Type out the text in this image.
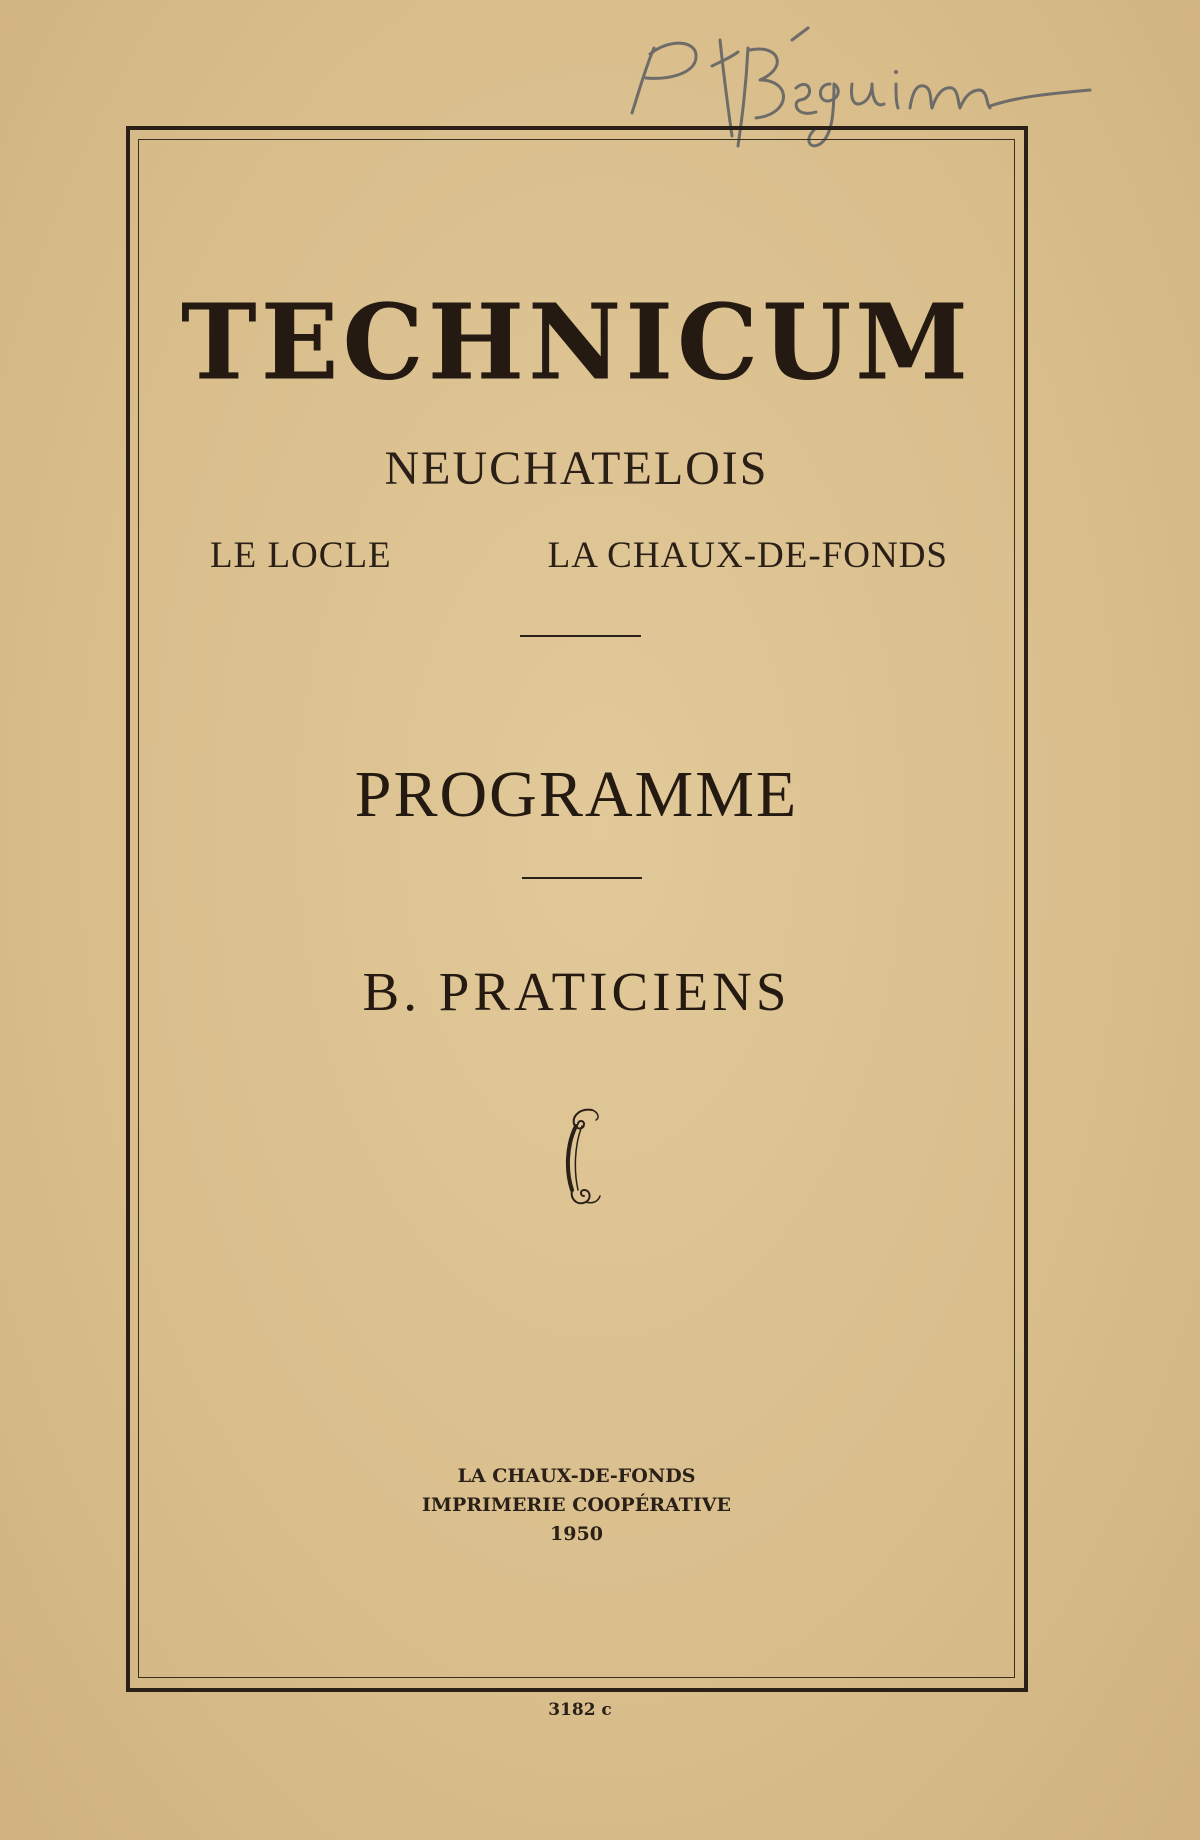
TECHNICUM
NEUCHATELOIS
LE LOCLE	LA CHAUX-DE-FONDS
PROGRAMME
B. PRATICIENS
LA CHAUX-DE-FONDS
IMPRIMERIE COOPÉRATIVE
1950
3182 c
